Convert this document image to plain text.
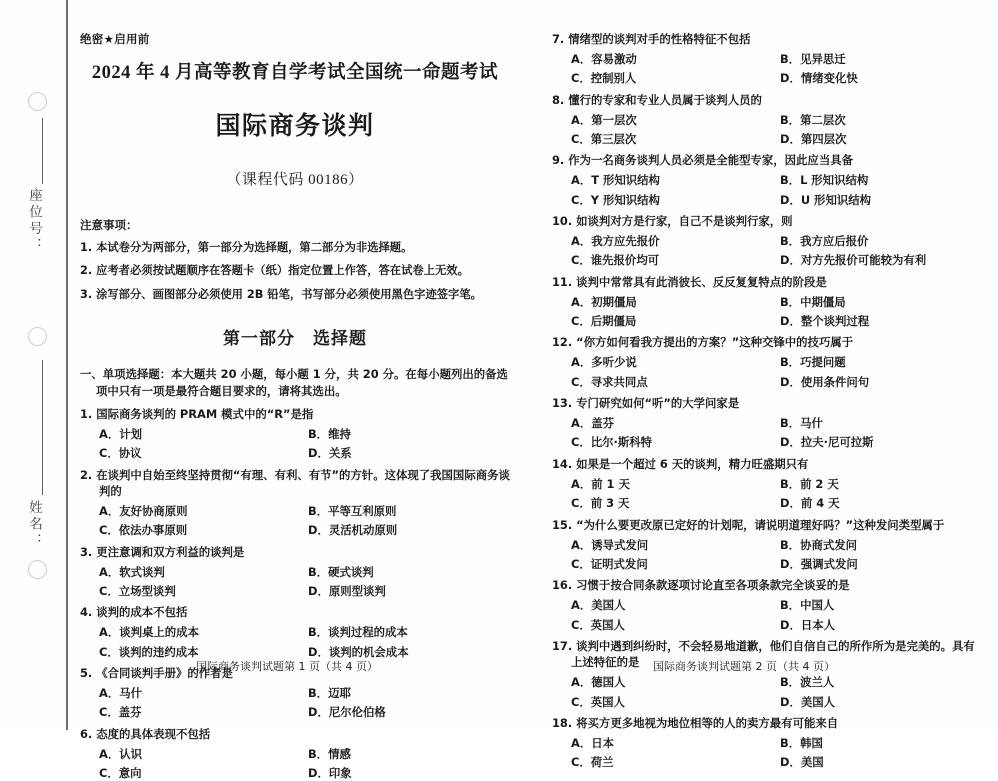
座位号：
姓名：
绝密★启用前
2024 年 4 月高等教育自学考试全国统一命题考试
国际商务谈判
（课程代码 00186）
注意事项：
1. 本试卷分为两部分，第一部分为选择题，第二部分为非选择题。
2. 应考者必须按试题顺序在答题卡（纸）指定位置上作答，答在试卷上无效。
3. 涂写部分、画图部分必须使用 2B 铅笔，书写部分必须使用黑色字迹签字笔。
第一部分　选择题
一、单项选择题：本大题共 20 小题，每小题 1 分，共 20 分。在每小题列出的备选项中只有一项是最符合题目要求的，请将其选出。
1. 国际商务谈判的 PRAM 模式中的“R”是指
A．计划	B．维持
C．协议	D．关系
2. 在谈判中自始至终坚持贯彻“有理、有利、有节”的方针。这体现了我国国际商务谈判的
A．友好协商原则	B．平等互利原则
C．依法办事原则	D．灵活机动原则
3. 更注意调和双方利益的谈判是
A．软式谈判	B．硬式谈判
C．立场型谈判	D．原则型谈判
4. 谈判的成本不包括
A．谈判桌上的成本	B．谈判过程的成本
C．谈判的违约成本	D．谈判的机会成本
5. 《合同谈判手册》的作者是
A．马什	B．迈耶
C．盖芬	D．尼尔伦伯格
6. 态度的具体表现不包括
A．认识	B．情感
C．意向	D．印象
7. 情绪型的谈判对手的性格特征不包括
A．容易激动	B．见异思迁
C．控制别人	D．情绪变化快
8. 懂行的专家和专业人员属于谈判人员的
A．第一层次	B．第二层次
C．第三层次	D．第四层次
9. 作为一名商务谈判人员必须是全能型专家，因此应当具备
A．T 形知识结构	B．L 形知识结构
C．Y 形知识结构	D．U 形知识结构
10. 如谈判对方是行家，自己不是谈判行家，则
A．我方应先报价	B．我方应后报价
C．谁先报价均可	D．对方先报价可能较为有利
11. 谈判中常常具有此消彼长、反反复复特点的阶段是
A．初期僵局	B．中期僵局
C．后期僵局	D．整个谈判过程
12. “你方如何看我方提出的方案？”这种交锋中的技巧属于
A．多听少说	B．巧提问题
C．寻求共同点	D．使用条件问句
13. 专门研究如何“听”的大学问家是
A．盖芬	B．马什
C．比尔·斯科特	D．拉夫·尼可拉斯
14. 如果是一个超过 6 天的谈判，精力旺盛期只有
A．前 1 天	B．前 2 天
C．前 3 天	D．前 4 天
15. “为什么要更改原已定好的计划呢，请说明道理好吗？”这种发问类型属于
A．诱导式发问	B．协商式发问
C．证明式发问	D．强调式发问
16. 习惯于按合同条款逐项讨论直至各项条款完全谈妥的是
A．美国人	B．中国人
C．英国人	D．日本人
17. 谈判中遇到纠纷时，不会轻易地道歉，他们自信自己的所作所为是完美的。具有上述特征的是
A．德国人	B．波兰人
C．英国人	D．美国人
18. 将买方更多地视为地位相等的人的卖方最有可能来自
A．日本	B．韩国
C．荷兰	D．美国
国际商务谈判试题第 1 页（共 4 页）	国际商务谈判试题第 2 页（共 4 页）
